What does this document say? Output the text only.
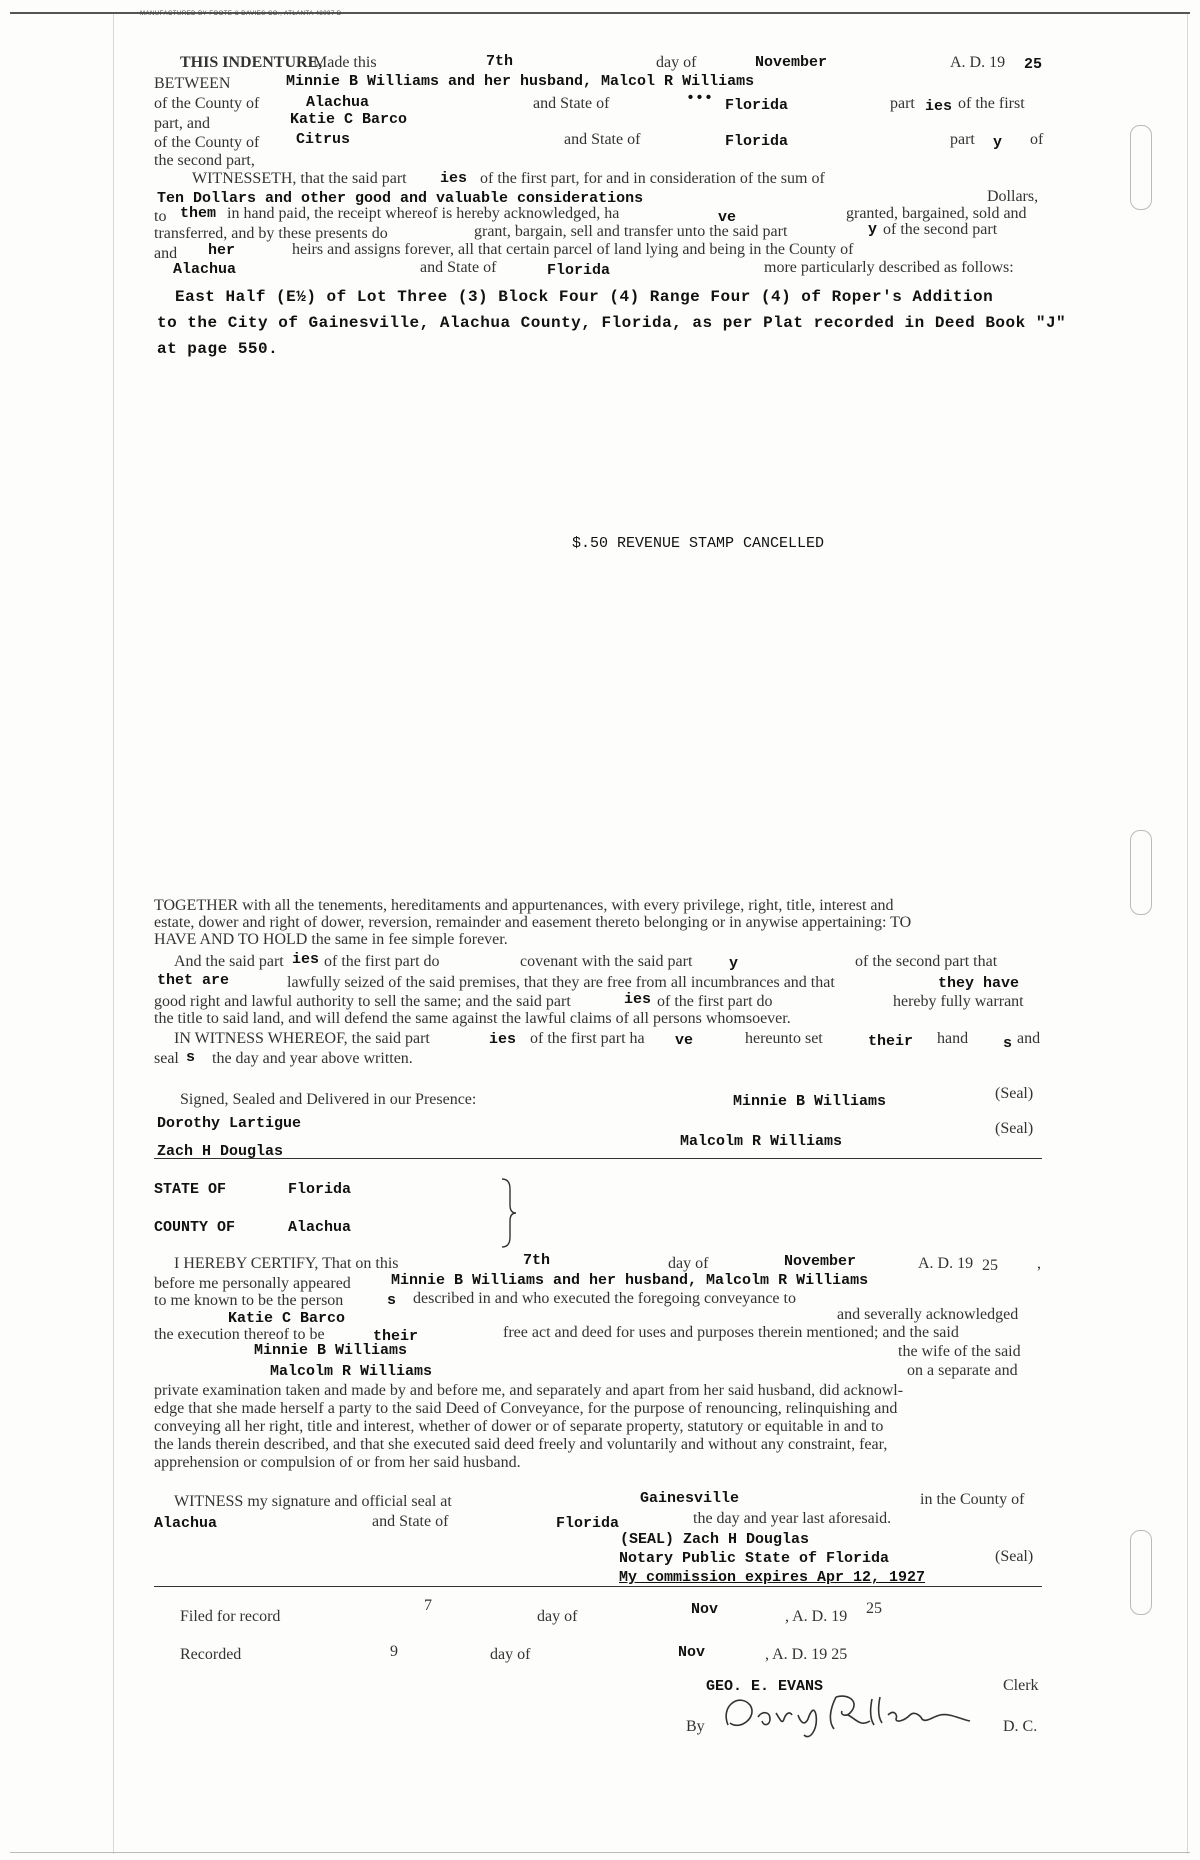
MANUFACTURED BY FOOTE & DAVIES CO., ATLANTA 48097 D
THIS INDENTURE,
Made this	7th	day of	November	A. D. 19 25
BETWEEN	Minnie B Williams and her husband, Malcol R Williams
of the County of	Alachua	and State of	••• Florida	part ies of the first
part, and	Katie C Barco
of the County of Citrus	and State of	Florida	part y of
the second part,
WITNESSETH, that the said part ies of the first part, for and in consideration of the sum of
Ten Dollars and other good and valuable considerations	Dollars,
to them in hand paid, the receipt whereof is hereby acknowledged, ha	ve	granted, bargained, sold and
transferred, and by these presents do	grant, bargain, sell and transfer unto the said part	y of the second part
and her	heirs and assigns forever, all that certain parcel of land lying and being in the County of
Alachua	and State of	Florida	more particularly described as follows:
East Half (E½) of Lot Three (3) Block Four (4) Range Four (4) of Roper's Addition
to the City of Gainesville, Alachua County, Florida, as per Plat recorded in Deed Book "J"
at page 550.
$.50 REVENUE STAMP CANCELLED
TOGETHER with all the tenements, hereditaments and appurtenances, with every privilege, right, title, interest and
estate, dower and right of dower, reversion, remainder and easement thereto belonging or in anywise appertaining: TO
HAVE AND TO HOLD the same in fee simple forever.
And the said part ies of the first part do	covenant with the said part y	of the second part that
thet are	lawfully seized of the said premises, that they are free from all incumbrances and that	they have
good right and lawful authority to sell the same; and the said part	ies of the first part do	hereby fully warrant
the title to said land, and will defend the same against the lawful claims of all persons whomsoever.
IN WITNESS WHEREOF, the said part	ies of the first part ha ve	hereunto set	their hand s and
seal s the day and year above written.
Signed, Sealed and Delivered in our Presence:	Minnie B Williams	(Seal)
Dorothy Lartigue	(Seal)
Malcolm R Williams
Zach H Douglas
STATE OF	Florida
COUNTY OF	Alachua
I HEREBY CERTIFY, That on this	7th	day of	November	A. D. 19 25 ,
before me personally appeared	Minnie B Williams and her husband, Malcolm R Williams
to me known to be the person	s described in and who executed the foregoing conveyance to
Katie C Barco	and severally acknowledged
the execution thereof to be	their	free act and deed for uses and purposes therein mentioned; and the said
Minnie B Williams	the wife of the said
Malcolm R Williams	on a separate and
private examination taken and made by and before me, and separately and apart from her said husband, did acknowl-
edge that she made herself a party to the said Deed of Conveyance, for the purpose of renouncing, relinquishing and
conveying all her right, title and interest, whether of dower or of separate property, statutory or equitable in and to
the lands therein described, and that she executed said deed freely and voluntarily and without any constraint, fear,
apprehension or compulsion of or from her said husband.
WITNESS my signature and official seal at	Gainesville	in the County of
Alachua	and State of	Florida	the day and year last aforesaid.
(SEAL) Zach H Douglas
Notary Public State of Florida	(Seal)
My commission expires Apr 12, 1927
Filed for record
7
day of	Nov	, A. D. 19 25
Recorded	9	day of	Nov	, A. D. 19 25
GEO. E. EVANS	Clerk
By	D. C.
